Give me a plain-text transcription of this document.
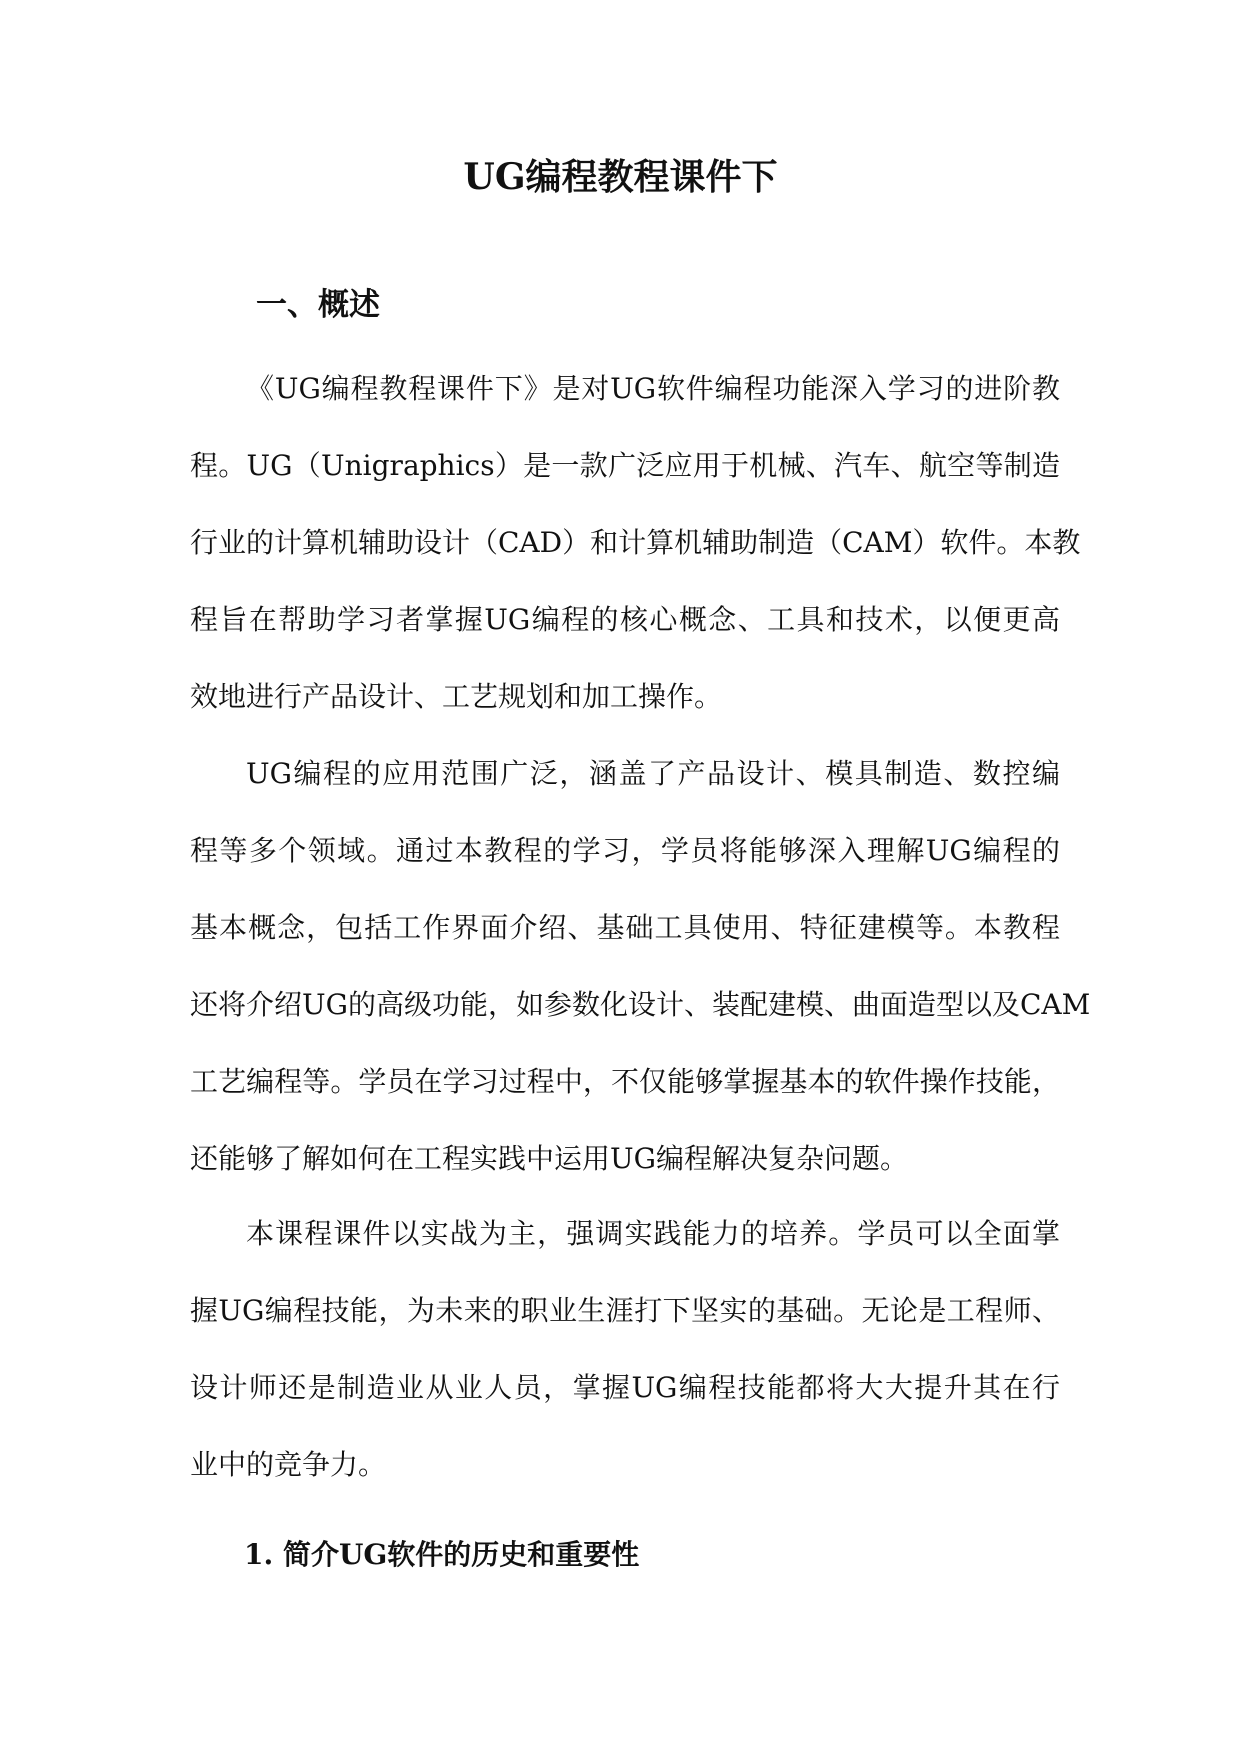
UG编程教程课件下
一、概述
《UG编程教程课件下》是对UG软件编程功能深入学习的进阶教
程。UG（Unigraphics）是一款广泛应用于机械、汽车、航空等制造
行业的计算机辅助设计（CAD）和计算机辅助制造（CAM）软件。本教
程旨在帮助学习者掌握UG编程的核心概念、工具和技术，以便更高
效地进行产品设计、工艺规划和加工操作。
UG编程的应用范围广泛，涵盖了产品设计、模具制造、数控编
程等多个领域。通过本教程的学习，学员将能够深入理解UG编程的
基本概念，包括工作界面介绍、基础工具使用、特征建模等。本教程
还将介绍UG的高级功能，如参数化设计、装配建模、曲面造型以及CAM
工艺编程等。学员在学习过程中，不仅能够掌握基本的软件操作技能，
还能够了解如何在工程实践中运用UG编程解决复杂问题。
本课程课件以实战为主，强调实践能力的培养。学员可以全面掌
握UG编程技能，为未来的职业生涯打下坚实的基础。无论是工程师、
设计师还是制造业从业人员，掌握UG编程技能都将大大提升其在行
业中的竞争力。
1. 简介UG软件的历史和重要性
